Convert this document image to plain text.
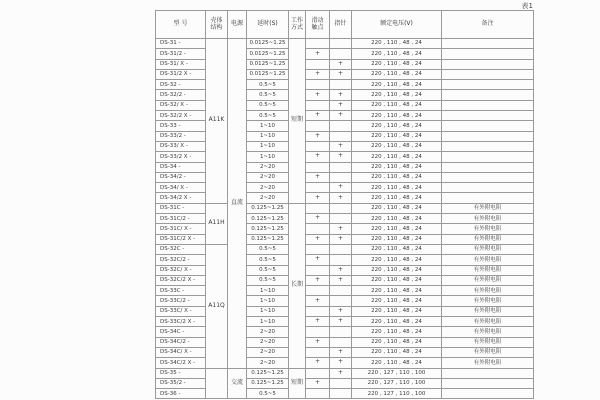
表1
型 号	壳体
结构	电源	延时(S)	工作
方式	滑动
触点	指针	额定电压(V)	备注
DS-31 -	A11K	直流	0.0125~1.25	短期			220 , 110 , 48 , 24	
DS-31/2 -			0.0125~1.25		+		220 , 110 , 48 , 24	
DS-31/ X -			0.0125~1.25			+	220 , 110 , 48 , 24	
DS-31/2 X -			0.0125~1.25		+	+	220 , 110 , 48 , 24	
DS-32 -			0.5~5				220 , 110 , 48 , 24	
DS-32/2 -			0.5~5		+	+	220 , 110 , 48 , 24	
DS-32/ X -			0.5~5			+	220 , 110 , 48 , 24	
DS-32/2 X -			0.5~5		+	+	220 , 110 , 48 , 24	
DS-33 -			1~10				220 , 110 , 48 , 24	
DS-33/2 -			1~10		+		220 , 110 , 48 , 24	
DS-33/ X -			1~10			+	220 , 110 , 48 , 24	
DS-33/2 X -			1~10		+	+	220 , 110 , 48 , 24	
DS-34 -			2~20				220 , 110 , 48 , 24	
DS-34/2 -			2~20		+		220 , 110 , 48 , 24	
DS-34/ X -			2~20			+	220 , 110 , 48 , 24	
DS-34/2 X -			2~20		+	+	220 , 110 , 48 , 24	
DS-31C -	A11H		0.125~1.25	长期			220 , 110 , 48 , 24	有外附电阻
DS-31C/2 -			0.125~1.25		+		220 , 110 , 48 , 24	有外附电阻
DS-31C/ X -			0.125~1.25			+	220 , 110 , 48 , 24	有外附电阻
DS-31C/2 X -			0.125~1.25		+	+	220 , 110 , 48 , 24	有外附电阻
DS-32C -	A11Q		0.5~5				220 , 110 , 48 , 24	有外附电阻
DS-32C/2 -			0.5~5		+		220 , 110 , 48 , 24	有外附电阻
DS-32C/ X -			0.5~5			+	220 , 110 , 48 , 24	有外附电阻
DS-32C/2 X -			0.5~5		+	+	220 , 110 , 48 , 24	有外附电阻
DS-33C -			1~10				220 , 110 , 48 , 24	有外附电阻
DS-33C/2 -			1~10		+		220 , 110 , 48 , 24	有外附电阻
DS-33C/ X -			1~10			+	220 , 110 , 48 , 24	有外附电阻
DS-33C/2 X -			1~10		+	+	220 , 110 , 48 , 24	有外附电阻
DS-34C -			2~20				220 , 110 , 48 , 24	有外附电阻
DS-34C/2 -			2~20		+		220 , 110 , 48 , 24	有外附电阻
DS-34C/ X -			2~20			+	220 , 110 , 48 , 24	有外附电阻
DS-34C/2 X -			2~20		+	+	220 , 110 , 48 , 24	有外附电阻
DS-35 -		交流	0.125~1.25	短期		+	220 , 127 , 110 , 100	
DS-35/2 -			0.125~1.25		+		220 , 127 , 110 , 100	
DS-36 -			0.5~5				220 , 127 , 110 , 100	
